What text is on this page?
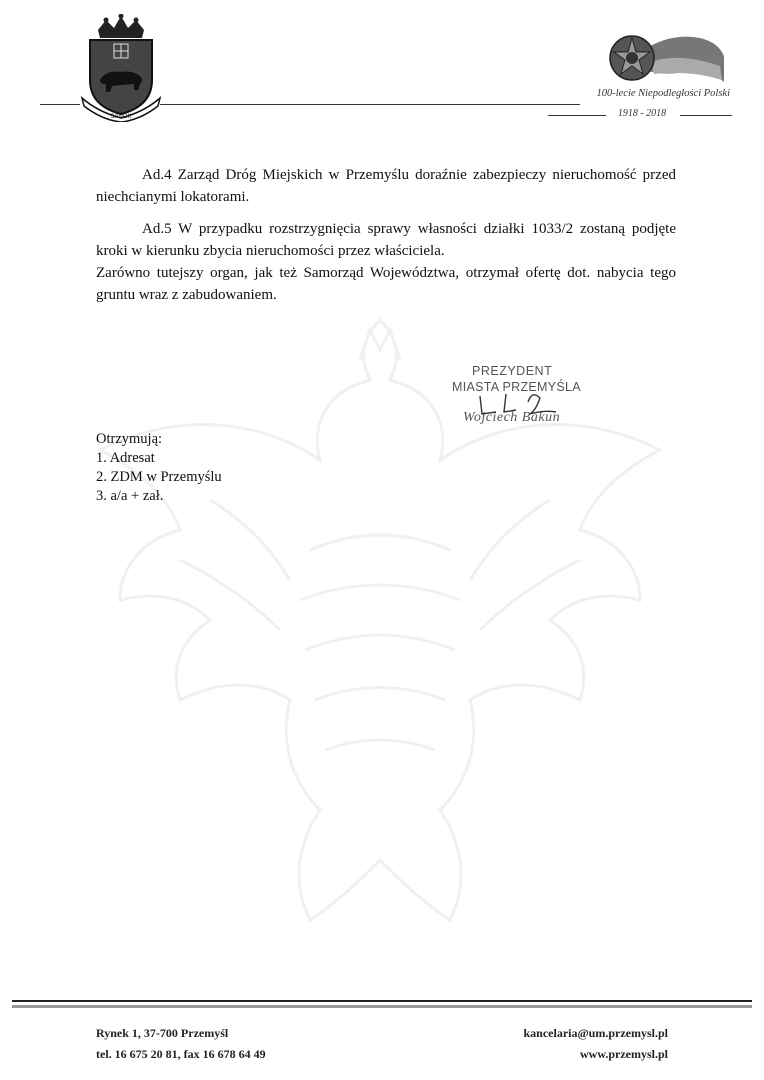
SANOK
100-lecie Niepodległości Polski
1918 - 2018
Ad.4 Zarząd Dróg Miejskich w Przemyślu doraźnie zabezpieczy nieruchomość przed niechcianymi lokatorami.
Ad.5 W przypadku rozstrzygnięcia sprawy własności działki 1033/2 zostaną podjęte kroki w kierunku zbycia nieruchomości przez właściciela.
Zarówno tutejszy organ, jak też Samorząd Województwa, otrzymał ofertę dot. nabycia tego gruntu wraz z zabudowaniem.
PREZYDENT
MIASTA PRZEMYŚLA
Wojciech Bakun
Otrzymują:
1. Adresat
2. ZDM w Przemyślu
3. a/a + zał.
Rynek 1, 37-700 Przemyśl
tel. 16 675 20 81, fax 16 678 64 49
kancelaria@um.przemysl.pl
www.przemysl.pl
